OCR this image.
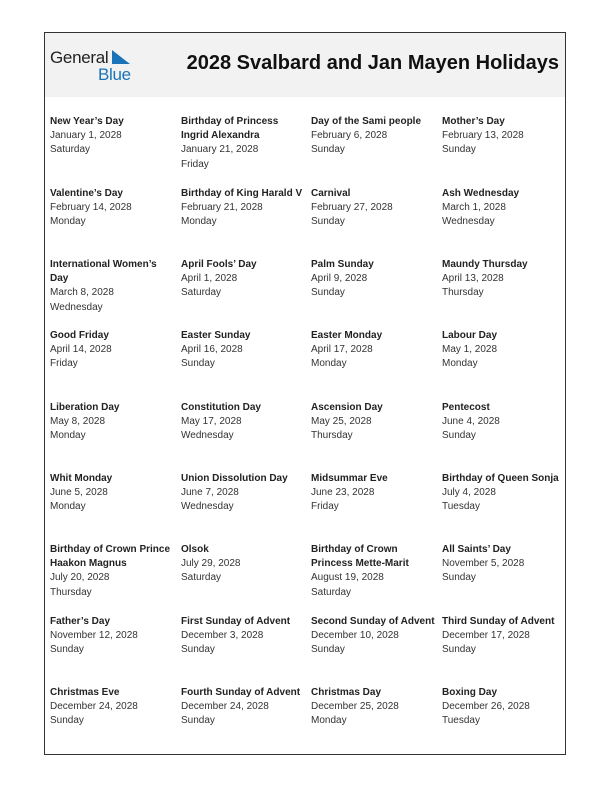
General
Blue
2028 Svalbard and Jan Mayen Holidays
New Year’s Day
January 1, 2028
Saturday
Birthday of Princess Ingrid Alexandra
January 21, 2028
Friday
Day of the Sami people
February 6, 2028
Sunday
Mother’s Day
February 13, 2028
Sunday
Valentine’s Day
February 14, 2028
Monday
Birthday of King Harald V
February 21, 2028
Monday
Carnival
February 27, 2028
Sunday
Ash Wednesday
March 1, 2028
Wednesday
International Women’s Day
March 8, 2028
Wednesday
April Fools’ Day
April 1, 2028
Saturday
Palm Sunday
April 9, 2028
Sunday
Maundy Thursday
April 13, 2028
Thursday
Good Friday
April 14, 2028
Friday
Easter Sunday
April 16, 2028
Sunday
Easter Monday
April 17, 2028
Monday
Labour Day
May 1, 2028
Monday
Liberation Day
May 8, 2028
Monday
Constitution Day
May 17, 2028
Wednesday
Ascension Day
May 25, 2028
Thursday
Pentecost
June 4, 2028
Sunday
Whit Monday
June 5, 2028
Monday
Union Dissolution Day
June 7, 2028
Wednesday
Midsummar Eve
June 23, 2028
Friday
Birthday of Queen Sonja
July 4, 2028
Tuesday
Birthday of Crown Prince Haakon Magnus
July 20, 2028
Thursday
Olsok
July 29, 2028
Saturday
Birthday of Crown Princess Mette-Marit
August 19, 2028
Saturday
All Saints’ Day
November 5, 2028
Sunday
Father’s Day
November 12, 2028
Sunday
First Sunday of Advent
December 3, 2028
Sunday
Second Sunday of Advent
December 10, 2028
Sunday
Third Sunday of Advent
December 17, 2028
Sunday
Christmas Eve
December 24, 2028
Sunday
Fourth Sunday of Advent
December 24, 2028
Sunday
Christmas Day
December 25, 2028
Monday
Boxing Day
December 26, 2028
Tuesday
